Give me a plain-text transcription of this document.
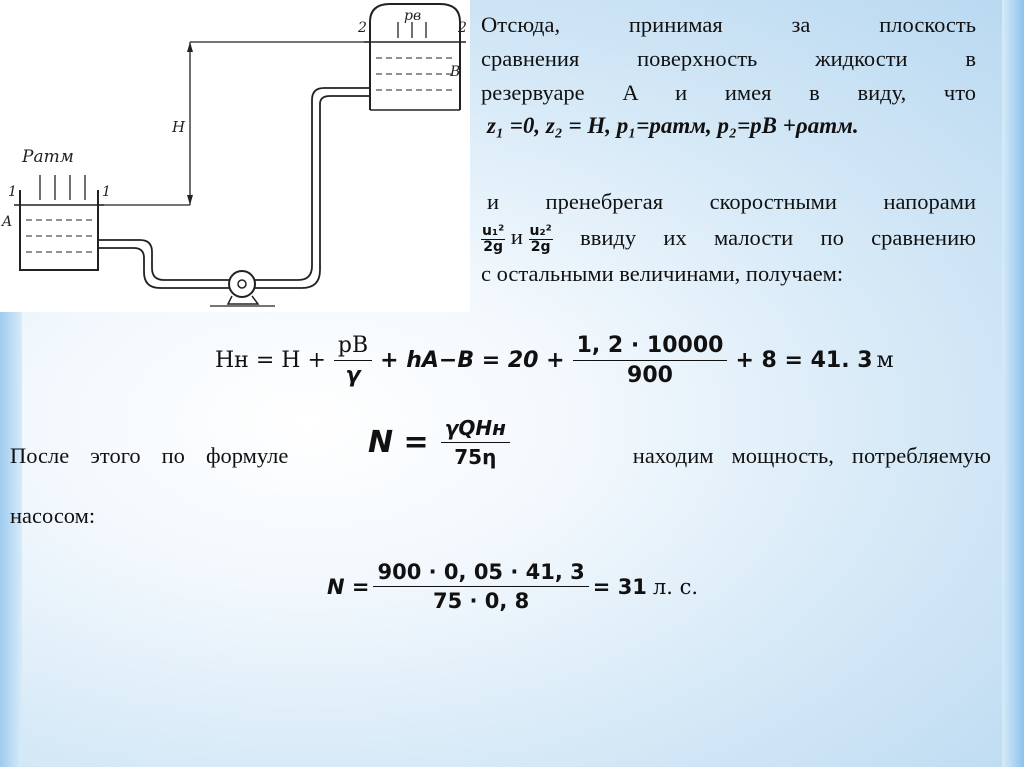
Pатм
pв
1	1
A
2	2
B
H
Отсюда,	принимая	за	плоскость
сравнения	поверхность	жидкости	в
резервуаре A и имея в виду, что
z₁ =0, z₂ = H, p₁=pатм, p₂=pB +ρатм.
и пренебрегая скоростными напорами
$\frac{\text{u₁²}}{2g}$ и $\frac{\text{u₂²}}{2g}$ ввиду их малости по сравнению
с остальными величинами, получаем:
Hн = $H + \frac{pB}{\gamma} + hA-B = 20 + \frac{1, 2 \cdot 10000}{900} + 8 = 41$. 3 м
После этого по формуле	находим мощность, потребляемую
N = γQHн
75η
насосом:
$N = \frac{900 \cdot 0, 05 \cdot 41, 3}{75 \cdot 0, 8} = 31$ л. с.
